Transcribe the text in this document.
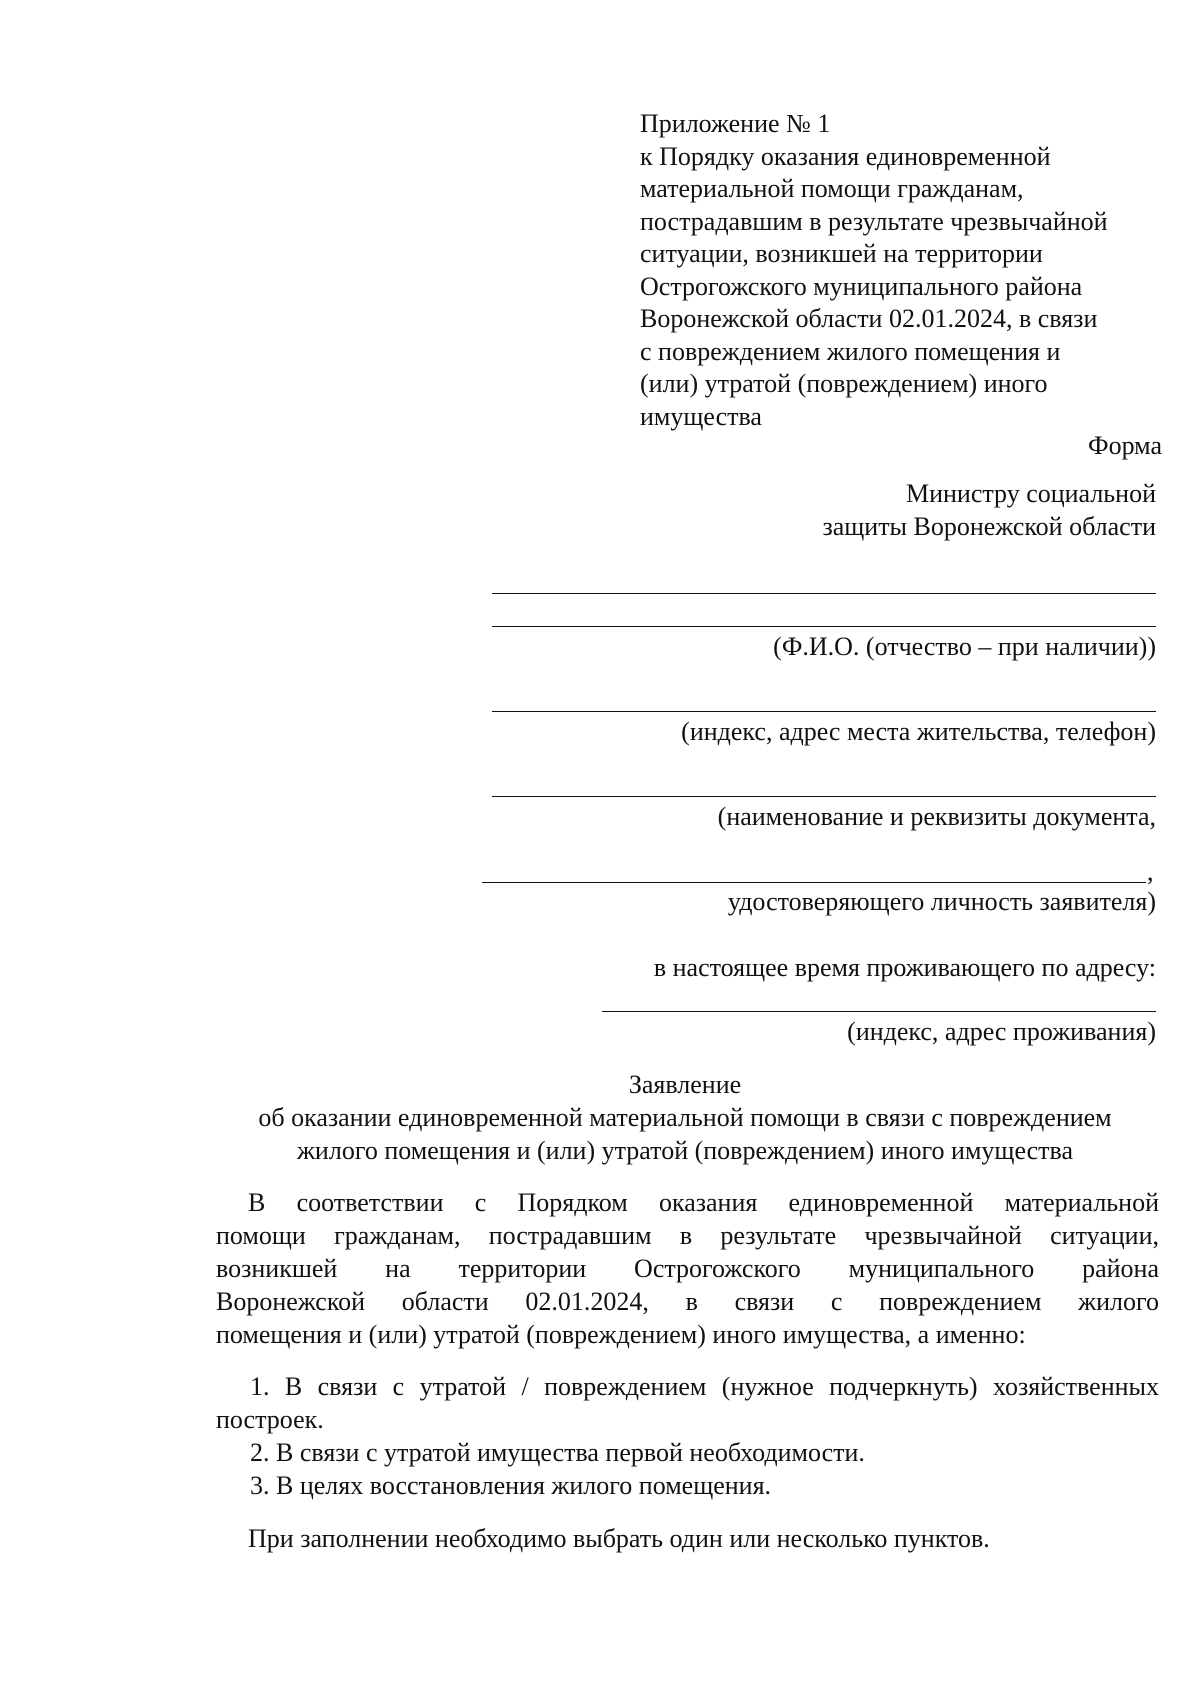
Приложение № 1
к Порядку оказания единовременной
материальной помощи гражданам,
пострадавшим в результате чрезвычайной
ситуации, возникшей на территории
Острогожского муниципального района
Воронежской области 02.01.2024, в связи
с повреждением жилого помещения и
(или) утратой (повреждением) иного
имущества
Форма
Министру социальной
защиты Воронежской области
(Ф.И.О. (отчество – при наличии))
(индекс, адрес места жительства, телефон)
(наименование и реквизиты документа,
,
удостоверяющего личность заявителя)
в настоящее время проживающего по адресу:
(индекс, адрес проживания)
Заявление
об оказании единовременной материальной помощи в связи с повреждением
жилого помещения и (или) утратой (повреждением) иного имущества
В соответствии с Порядком оказания единовременной материальной
помощи гражданам, пострадавшим в результате чрезвычайной ситуации,
возникшей на территории Острогожского муниципального района
Воронежской области 02.01.2024, в связи с повреждением жилого
помещения и (или) утратой (повреждением) иного имущества, а именно:
1. В связи с утратой / повреждением (нужное подчеркнуть) хозяйственных
построек.
2. В связи с утратой имущества первой необходимости.
3. В целях восстановления жилого помещения.
При заполнении необходимо выбрать один или несколько пунктов.
